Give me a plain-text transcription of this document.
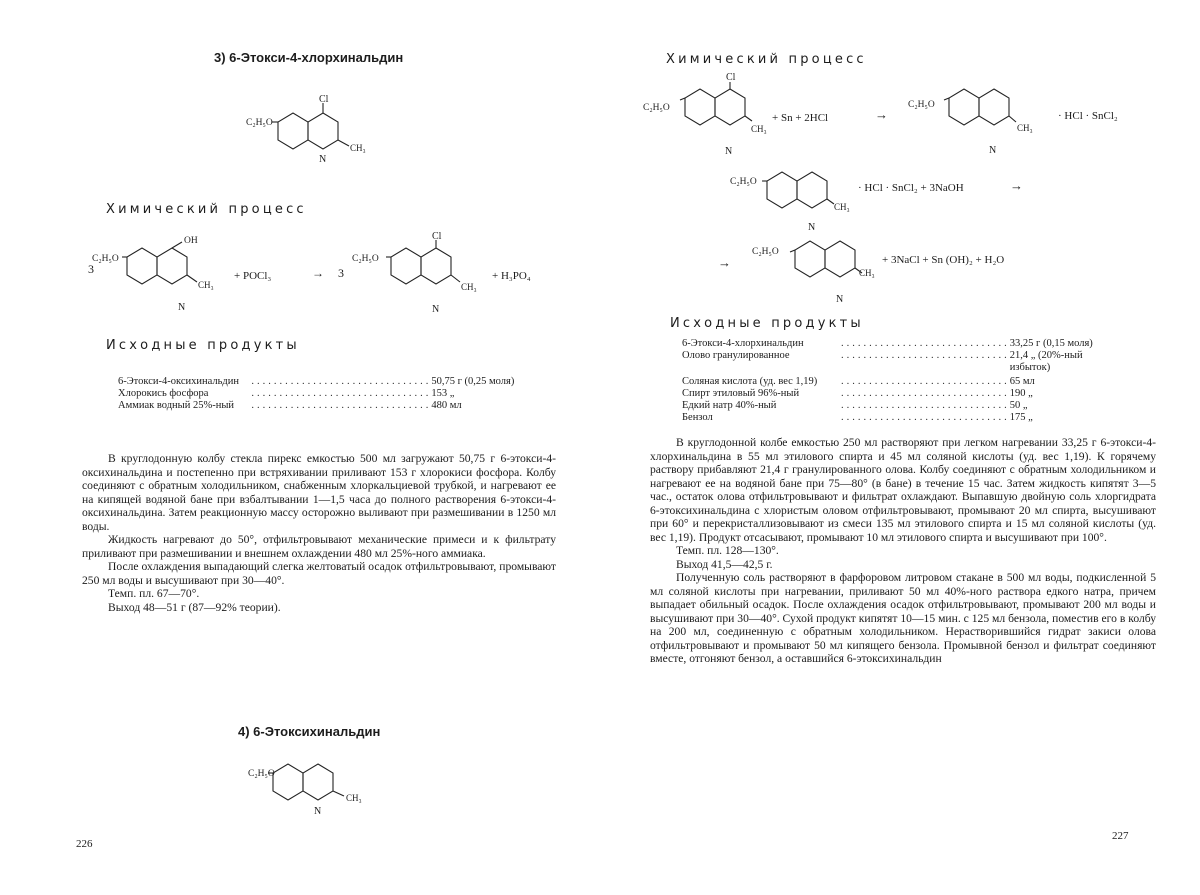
3) 6-Этокси-4-хлорхинальдин
Cl
CH₃
N
C₂H₅O
Химический процесс
3
OH
CH₃
N
C₂H₅O
+ POCl₃	→ 3
Cl
CH₃
N
C₂H₅O
+ H₃PO₄
Исходные продукты
6-Этокси-4-оксихинальдин	................................ 50,75 г (0,25 моля)
Хлорокись фосфора	................................ 153 „
Аммиак водный 25%-ный	................................ 480 мл

В круглодонную колбу стекла пирекс емкостью 500 мл загружают 50,75 г 6-этокси-4-оксихинальдина и постепенно при встряхивании приливают 153 г хлорокиси фосфора. Колбу соединяют с обратным холодильником, снабженным хлоркальциевой трубкой, и нагревают ее на кипящей водяной бане при взбалтывании 1—1,5 часа до полного растворения 6-этокси-4-оксихинальдина. Затем реакционную массу осторожно выливают при размешивании в 1250 мл воды.

Жидкость нагревают до 50°, отфильтровывают механические примеси и к фильтрату приливают при размешивании и внешнем охлаждении 480 мл 25%-ного аммиака.

После охлаждения выпадающий слегка желтоватый осадок отфильтровывают, промывают 250 мл воды и высушивают при 30—40°.

Темп. пл. 67—70°.

Выход 48—51 г (87—92% теории).

4) 6-Этоксихинальдин
CH₃
N
C₂H₅O
226
Химический процесс
Cl
CH₃
N
C₂H₅O
+ Sn + 2HCl	→
CH₃
N
C₂H₅O
· HCl · SnCl₂
CH₃
N
C₂H₅O	· HCl · SnCl₂ + 3NaOH	→
→
CH₃
N
C₂H₅O
+ 3NaCl + Sn (OH)₂ + H₂O
Исходные продукты
6-Этокси-4-хлорхинальдин	.............................. 33,25 г (0,15 моля)
Олово гранулированное	.............................. 21,4 „ (20%-ный избыток)
Соляная кислота (уд. вес 1,19)	.............................. 65 мл
Спирт этиловый 96%-ный	.............................. 190 „
Едкий натр 40%-ный	.............................. 50 „
Бензол	.............................. 175 „

В круглодонной колбе емкостью 250 мл растворяют при легком нагревании 33,25 г 6-этокси-4-хлорхинальдина в 55 мл этилового спирта и 45 мл соляной кислоты (уд. вес 1,19). К горячему раствору прибавляют 21,4 г гранулированного олова. Колбу соединяют с обратным холодильником и нагревают ее на водяной бане при 75—80° (в бане) в течение 15 час. Затем жидкость кипятят 3—5 час., остаток олова отфильтровывают и фильтрат охлаждают. Выпавшую двойную соль хлоргидрата 6-этоксихинальдина с хлористым оловом отфильтровывают, промывают 20 мл спирта, высушивают при 60° и перекристаллизовывают из смеси 135 мл этилового спирта и 15 мл соляной кислоты (уд. вес 1,19). Продукт отсасывают, промывают 10 мл этилового спирта и высушивают при 100°.

Темп. пл. 128—130°.

Выход 41,5—42,5 г.

Полученную соль растворяют в фарфоровом литровом стакане в 500 мл воды, подкисленной 5 мл соляной кислоты при нагревании, приливают 50 мл 40%-ного раствора едкого натра, причем выпадает обильный осадок. После охлаждения осадок отфильтровывают, промывают 200 мл воды и высушивают при 30—40°. Сухой продукт кипятят 10—15 мин. с 125 мл бензола, поместив его в колбу на 200 мл, соединенную с обратным холодильником. Нерастворившийся гидрат закиси олова отфильтровывают и промывают 50 мл кипящего бензола. Промывной бензол и фильтрат соединяют вместе, отгоняют бензол, а оставшийся 6-этоксихинальдин

227
